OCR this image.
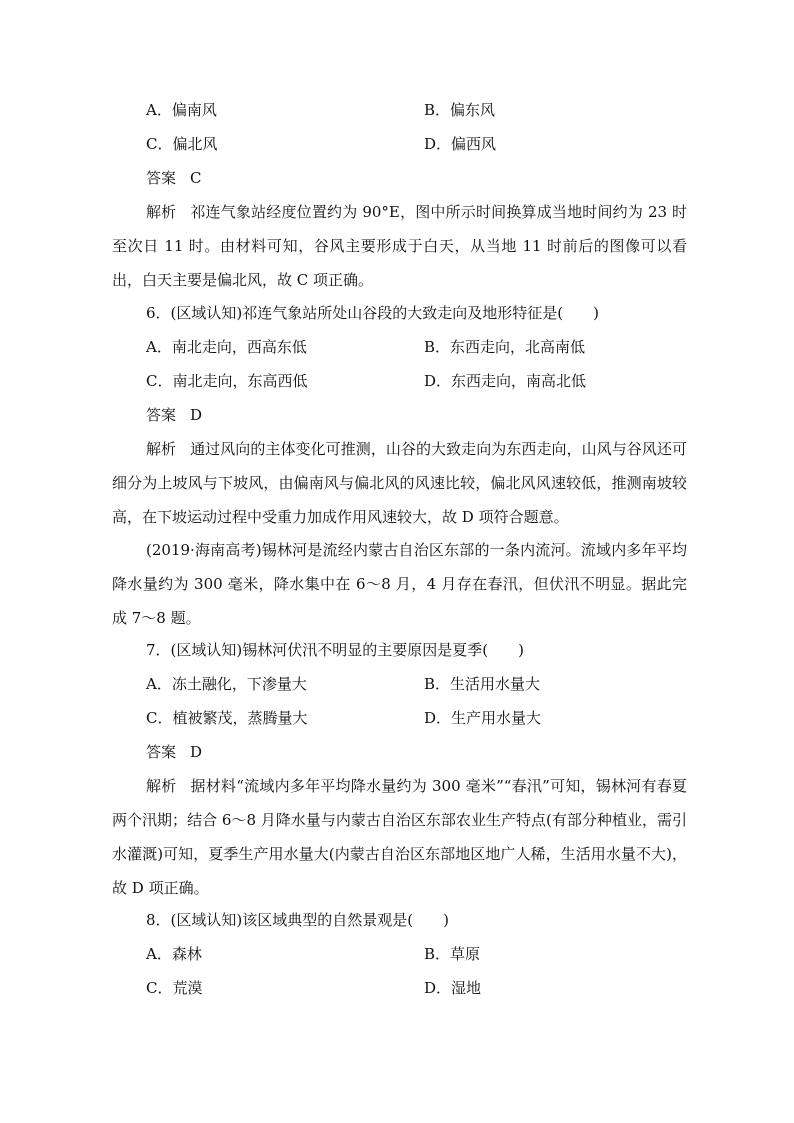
A．偏南风	B．偏东风
C．偏北风	D．偏西风
答案 C
解析 祁连气象站经度位置约为 90°E，图中所示时间换算成当地时间约为 23 时至次日 11 时。由材料可知，谷风主要形成于白天，从当地 11 时前后的图像可以看出，白天主要是偏北风，故 C 项正确。
6．(区域认知)祁连气象站所处山谷段的大致走向及地形特征是(　　)
A．南北走向，西高东低	B．东西走向，北高南低
C．南北走向，东高西低	D．东西走向，南高北低
答案 D
解析 通过风向的主体变化可推测，山谷的大致走向为东西走向，山风与谷风还可细分为上坡风与下坡风，由偏南风与偏北风的风速比较，偏北风风速较低，推测南坡较高，在下坡运动过程中受重力加成作用风速较大，故 D 项符合题意。
(2019·海南高考)锡林河是流经内蒙古自治区东部的一条内流河。流域内多年平均降水量约为 300 毫米，降水集中在 6～8 月，4 月存在春汛，但伏汛不明显。据此完成 7～8 题。
7．(区域认知)锡林河伏汛不明显的主要原因是夏季(　　)
A．冻土融化，下渗量大	B．生活用水量大
C．植被繁茂，蒸腾量大	D．生产用水量大
答案 D
解析 据材料“流域内多年平均降水量约为 300 毫米”“春汛”可知，锡林河有春夏两个汛期；结合 6～8 月降水量与内蒙古自治区东部农业生产特点(有部分种植业，需引水灌溉)可知，夏季生产用水量大(内蒙古自治区东部地区地广人稀，生活用水量不大)，故 D 项正确。
8．(区域认知)该区域典型的自然景观是(　　)
A．森林	B．草原
C．荒漠	D．湿地
